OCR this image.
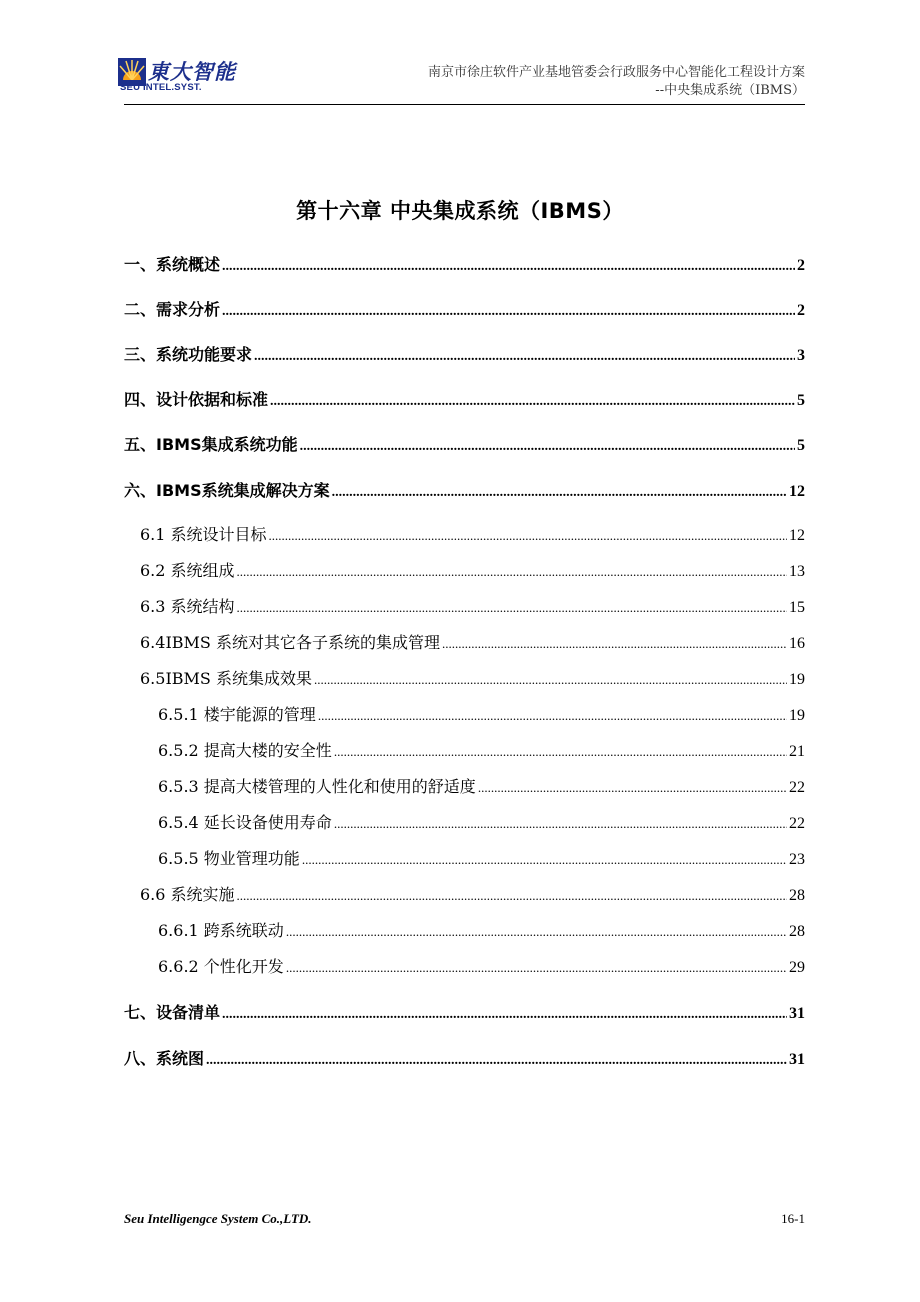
東大智能
SEU INTEL.SYST.
南京市徐庄软件产业基地管委会行政服务中心智能化工程设计方案
--中央集成系统（IBMS）
第十六章 中央集成系统（IBMS）
一、系统概述 .....	2
二、需求分析 .....	2
三、系统功能要求 .....	3
四、设计依据和标准 .....	5
五、IBMS集成系统功能 .....	5
六、IBMS系统集成解决方案 .....	12
6.1 系统设计目标 .....	12
6.2 系统组成 .....	13
6.3 系统结构 .....	15
6.4IBMS 系统对其它各子系统的集成管理 .....	16
6.5IBMS 系统集成效果 .....	19
6.5.1 楼宇能源的管理 .....	19
6.5.2 提高大楼的安全性 .....	21
6.5.3 提高大楼管理的人性化和使用的舒适度 .....	22
6.5.4 延长设备使用寿命 .....	22
6.5.5 物业管理功能 .....	23
6.6 系统实施 .....	28
6.6.1 跨系统联动 .....	28
6.6.2 个性化开发 .....	29
七、设备清单 .....	31
八、系统图 .....	31
Seu Intelligengce System Co.,LTD.	16-1
